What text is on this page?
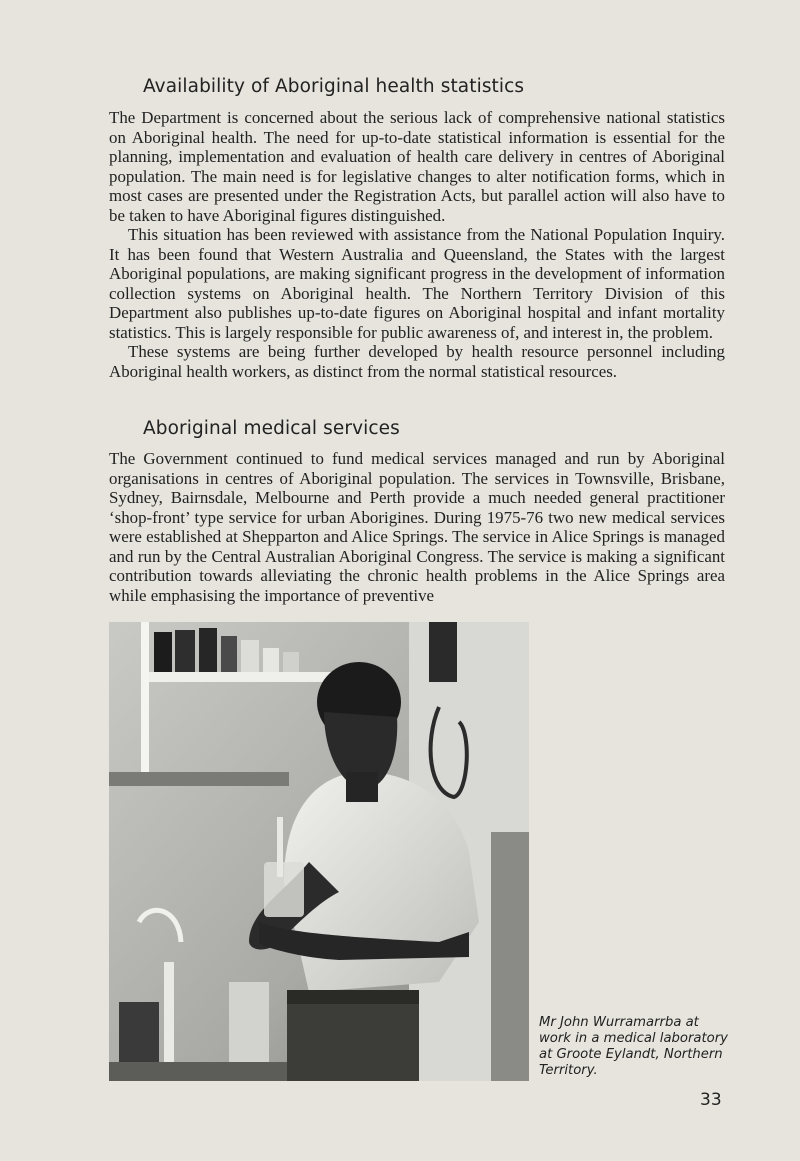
Availability of Aboriginal health statistics

The Department is concerned about the serious lack of comprehensive national statistics on Aboriginal health. The need for up-to-date statistical information is essential for the planning, implementation and evaluation of health care delivery in centres of Aboriginal population. The main need is for legislative changes to alter notification forms, which in most cases are presented under the Registration Acts, but parallel action will also have to be taken to have Aboriginal figures distinguished.

This situation has been reviewed with assistance from the National Population Inquiry. It has been found that Western Australia and Queensland, the States with the largest Aboriginal populations, are making significant progress in the development of information collection systems on Aboriginal health. The Northern Territory Division of this Department also publishes up-to-date figures on Aboriginal hospital and infant mortality statistics. This is largely responsible for public awareness of, and interest in, the problem.

These systems are being further developed by health resource personnel including Aboriginal health workers, as distinct from the normal statistical resources.

Aboriginal medical services

The Government continued to fund medical services managed and run by Aboriginal organisations in centres of Aboriginal population. The services in Townsville, Brisbane, Sydney, Bairnsdale, Melbourne and Perth provide a much needed general practitioner ‘shop-front’ type service for urban Aborigines. During 1975-76 two new medical services were established at Shepparton and Alice Springs. The service in Alice Springs is managed and run by the Central Australian Aboriginal Congress. The service is making a significant contribution towards alleviating the chronic health problems in the Alice Springs area while emphasising the importance of preventive

Mr John Wurramarrba at work in a medical laboratory at Groote Eylandt, Northern Territory.

33
